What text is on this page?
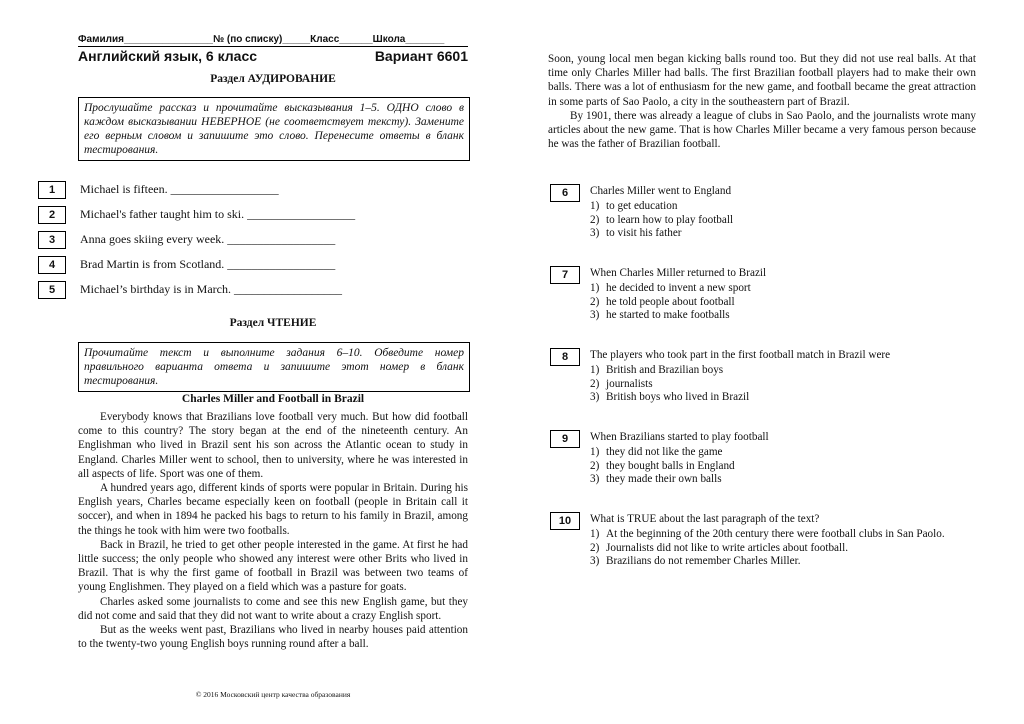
Фамилия________________№ (по списку)_____Класс______Школа_______
Английский язык, 6 класс	Вариант 6601
Раздел АУДИРОВАНИЕ
Прослушайте рассказ и прочитайте высказывания 1–5. ОДНО слово в каждом высказывании НЕВЕРНОЕ (не соответствует тексту). Замените его верным словом и запишите это слово. Перенесите ответы в бланк тестирования.
1	Michael is fifteen. __________________
2	Michael's father taught him to ski. __________________
3	Anna goes skiing every week. __________________
4	Brad Martin is from Scotland. __________________
5	Michael’s birthday is in March. __________________
Раздел ЧТЕНИЕ
Прочитайте текст и выполните задания 6–10. Обведите номер правильного варианта ответа и запишите этот номер в бланк тестирования.
Charles Miller and Football in Brazil

Everybody knows that Brazilians love football very much. But how did football come to this country? The story began at the end of the nineteenth century. An Englishman who lived in Brazil sent his son across the Atlantic ocean to study in England. Charles Miller went to school, then to university, where he was interested in all aspects of life. Sport was one of them.

A hundred years ago, different kinds of sports were popular in Britain. During his English years, Charles became especially keen on football (people in Britain call it soccer), and when in 1894 he packed his bags to return to his family in Brazil, among the things he took with him were two footballs.

Back in Brazil, he tried to get other people interested in the game. At first he had little success; the only people who showed any interest were other Brits who lived in Brazil. That is why the first game of football in Brazil was between two teams of young Englishmen. They played on a field which was a pasture for goats.

Charles asked some journalists to come and see this new English game, but they did not come and said that they did not want to write about a crazy English sport.

But as the weeks went past, Brazilians who lived in nearby houses paid attention to the twenty-two young English boys running round after a ball.

© 2016 Московский центр качества образования

Soon, young local men began kicking balls round too. But they did not use real balls. At that time only Charles Miller had balls. The first Brazilian football players had to make their own balls. There was a lot of enthusiasm for the new game, and football became the great attraction in some parts of Sao Paolo, a city in the southeastern part of Brazil.

By 1901, there was already a league of clubs in Sao Paolo, and the journalists wrote many articles about the new game. That is how Charles Miller became a very famous person because he was the father of Brazilian football.

6	Charles Miller went to England
1) to get education
2) to learn how to play football
3) to visit his father
7	When Charles Miller returned to Brazil
1) he decided to invent a new sport
2) he told people about football
3) he started to make footballs
8	The players who took part in the first football match in Brazil were
1) British and Brazilian boys
2) journalists
3) British boys who lived in Brazil
9	When Brazilians started to play football
1) they did not like the game
2) they bought balls in England
3) they made their own balls
10	What is TRUE about the last paragraph of the text?
1) At the beginning of the 20th century there were football clubs in San Paolo.
2) Journalists did not like to write articles about football.
3) Brazilians do not remember Charles Miller.
